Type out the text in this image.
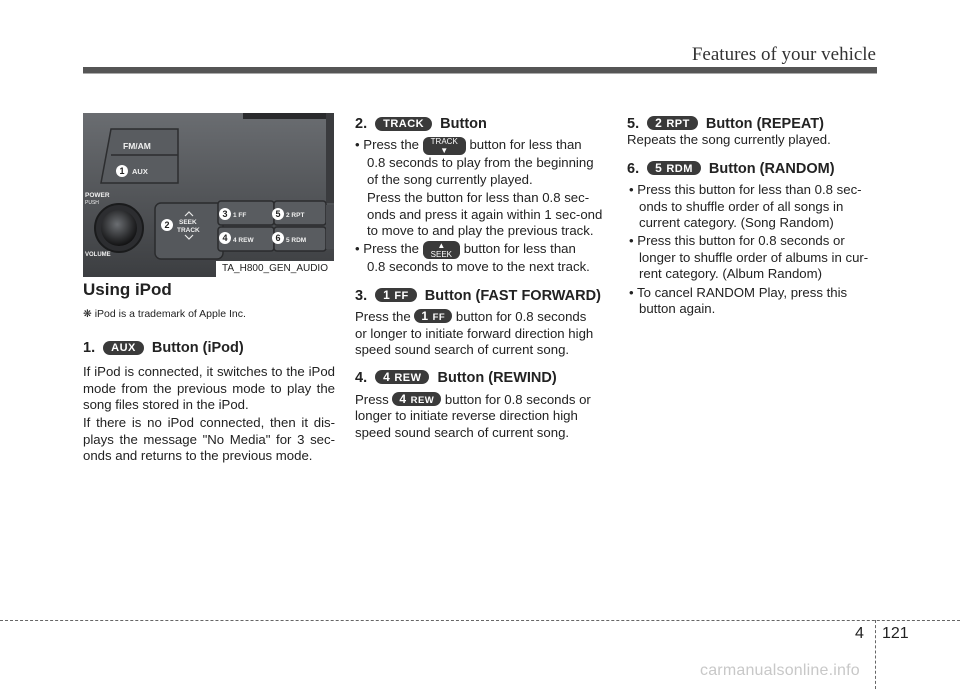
Features of your vehicle
FM/AM
AUX
POWER
PUSH
VOLUME
SEEK
TRACK
1 FF
4 REW
2 RPT
5 RDM
1
2
3
4
5
6
TA_H800_GEN_AUDIO

Using iPod

❋ iPod is a trademark of Apple Inc.

1. AUX Button (iPod)

If iPod is connected, it switches to the iPod mode from the previous mode to play the song files stored in the iPod.

If there is no iPod connected, then it dis-plays the message "No Media" for 3 sec-onds and returns to the previous mode.

2. TRACK Button

• Press the TRACK
▼ button for less than

0.8 seconds to play from the beginning of the song currently played.

Press the button for less than 0.8 sec-onds and press it again within 1 sec-ond to move to and play the previous track.

• Press the ▲
SEEK button for less than

0.8 seconds to move to the next track.

3. 1 FF Button (FAST FORWARD)

Press the 1 FF button for 0.8 seconds

or longer to initiate forward direction high speed sound search of current song.

4. 4 REW Button (REWIND)

Press 4 REW button for 0.8 seconds or

longer to initiate reverse direction high speed sound search of current song.

5. 2 RPT Button (REPEAT)

Repeats the song currently played.

6. 5 RDM Button (RANDOM)

• Press this button for less than 0.8 sec-onds to shuffle order of all songs in current category. (Song Random)

• Press this button for 0.8 seconds or longer to shuffle order of albums in cur-rent category. (Album Random)

• To cancel RANDOM Play, press this button again.

4 121
carmanualsonline.info
